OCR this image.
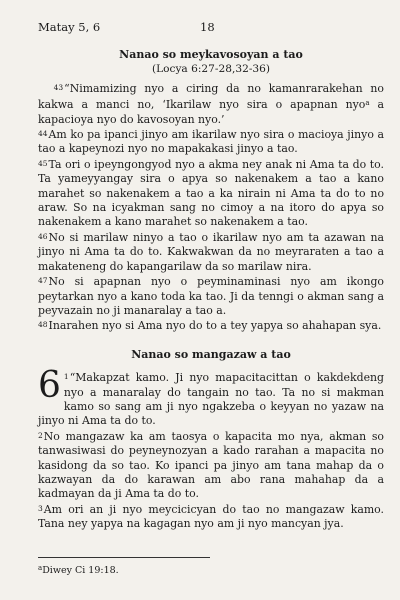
Matay 5, 6	18

Nanao so meykavosoyan a tao

(Locya 6:27-28,32-36)

43“Nimamizing nyo a ciring da no kamanrarakehan no kakwa a manci no, ‘Ikarilaw nyo sira o apapnan nyo$^a$ a kapacioya nyo do kavosoyan nyo.’

44Am ko pa ipanci jinyo am ikarilaw nyo sira o macioya jinyo a tao a kapeynozi nyo no mapakakasi jinyo a tao.

45Ta ori o ipeyngongyod nyo a akma ney anak ni Ama ta do to. Ta yameyyangay sira o apya so nakenakem a tao a kano marahet so nakenakem a tao a ka nirain ni Ama ta do to no araw. So na icyakman sang no cimoy a na itoro do apya so nakenakem a kano marahet so nakenakem a tao.

46No si marilaw ninyo a tao o ikarilaw nyo am ta azawan na jinyo ni Ama ta do to. Kakwakwan da no meyraraten a tao a makateneng do kapangarilaw da so marilaw nira.

47No si apapnan nyo o peyminaminasi nyo am ikongo peytarkan nyo a kano toda ka tao. Ji da tenngi o akman sang a peyvazain no ji manaralay a tao a.

48Inarahen nyo si Ama nyo do to a tey yapya so ahahapan sya.

Nanao so mangazaw a tao

6 1“Makapzat kamo. Ji nyo mapacitacittan o kakdekdeng nyo a manaralay do tangain no tao. Ta no si makman kamo so sang am ji nyo ngakzeba o keyyan no yazaw na jinyo ni Ama ta do to.

2No mangazaw ka am taosya o kapacita mo nya, akman so tanwasiwasi do peyneynozyan a kado rarahan a mapacita no kasidong da so tao. Ko ipanci pa jinyo am tana mahap da o kazwayan da do karawan am abo rana mahahap da a kadmayan da ji Ama ta do to.

3Am ori an ji nyo meycicicyan do tao no mangazaw kamo. Tana ney yapya na kagagan nyo am ji nyo mancyan jya.

$^a$Diwey Ci 19:18.
